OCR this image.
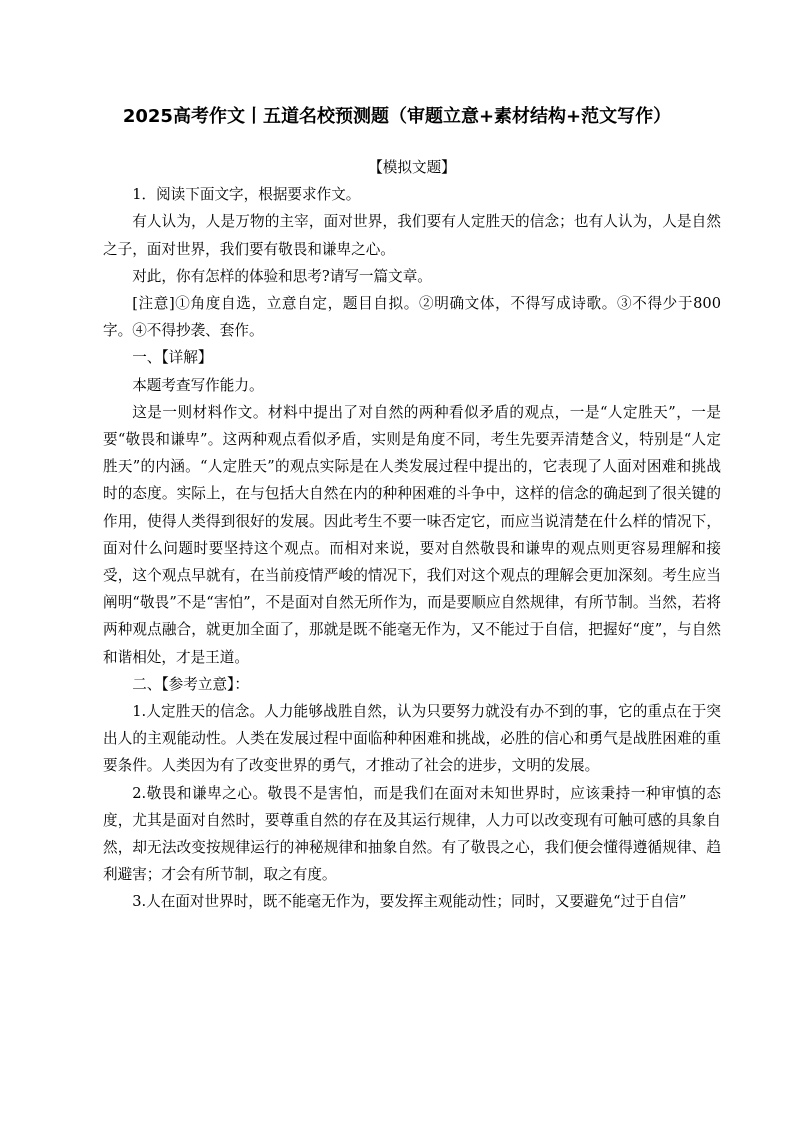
2025高考作文丨五道名校预测题（审题立意+素材结构+范文写作）

【模拟文题】

1．阅读下面文字，根据要求作文。

有人认为，人是万物的主宰，面对世界，我们要有人定胜天的信念；也有人认为，人是自然之子，面对世界，我们要有敬畏和谦卑之心。

对此，你有怎样的体验和思考?请写一篇文章。

[注意]①角度自选，立意自定，题目自拟。②明确文体，不得写成诗歌。③不得少于800字。④不得抄袭、套作。

一、【详解】

本题考查写作能力。

这是一则材料作文。材料中提出了对自然的两种看似矛盾的观点，一是“人定胜天”，一是要“敬畏和谦卑”。这两种观点看似矛盾，实则是角度不同，考生先要弄清楚含义，特别是“人定胜天”的内涵。“人定胜天”的观点实际是在人类发展过程中提出的，它表现了人面对困难和挑战时的态度。实际上，在与包括大自然在内的种种困难的斗争中，这样的信念的确起到了很关键的作用，使得人类得到很好的发展。因此考生不要一味否定它，而应当说清楚在什么样的情况下，面对什么问题时要坚持这个观点。而相对来说，要对自然敬畏和谦卑的观点则更容易理解和接受，这个观点早就有，在当前疫情严峻的情况下，我们对这个观点的理解会更加深刻。考生应当阐明“敬畏”不是“害怕”，不是面对自然无所作为，而是要顺应自然规律，有所节制。当然，若将两种观点融合，就更加全面了，那就是既不能毫无作为，又不能过于自信，把握好“度”，与自然和谐相处，才是王道。

二、【参考立意】：

1.人定胜天的信念。人力能够战胜自然，认为只要努力就没有办不到的事，它的重点在于突出人的主观能动性。人类在发展过程中面临种种困难和挑战，必胜的信心和勇气是战胜困难的重要条件。人类因为有了改变世界的勇气，才推动了社会的进步，文明的发展。

2.敬畏和谦卑之心。敬畏不是害怕，而是我们在面对未知世界时，应该秉持一种审慎的态度，尤其是面对自然时，要尊重自然的存在及其运行规律，人力可以改变现有可触可感的具象自然，却无法改变按规律运行的神秘规律和抽象自然。有了敬畏之心，我们便会懂得遵循规律、趋利避害；才会有所节制，取之有度。

3.人在面对世界时，既不能毫无作为，要发挥主观能动性；同时，又要避免“过于自信”
